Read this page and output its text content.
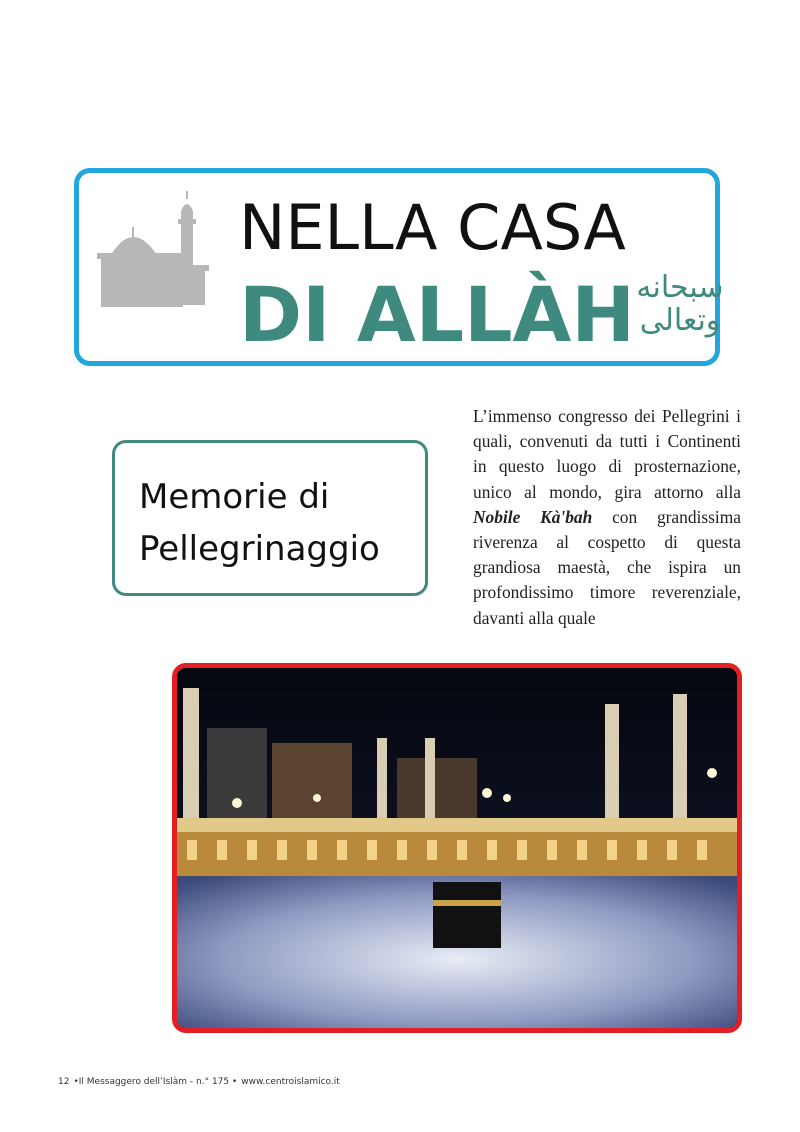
NELLA CASA
DI ALLÀH سبحانه وتعالى
Memorie di
Pellegrinaggio
L’immenso congresso dei Pellegrini i quali, convenuti da tutti i Continenti in questo luogo di prosternazione, unico al mondo, gira attorno alla Nobile Kà'bah con grandissima riverenza al cospetto di questa grandiosa maestà, che ispira un profondissimo timore reverenziale, davanti alla quale
12 •Il Messaggero dell’Islàm - n.° 175 • www.centroislamico.it
